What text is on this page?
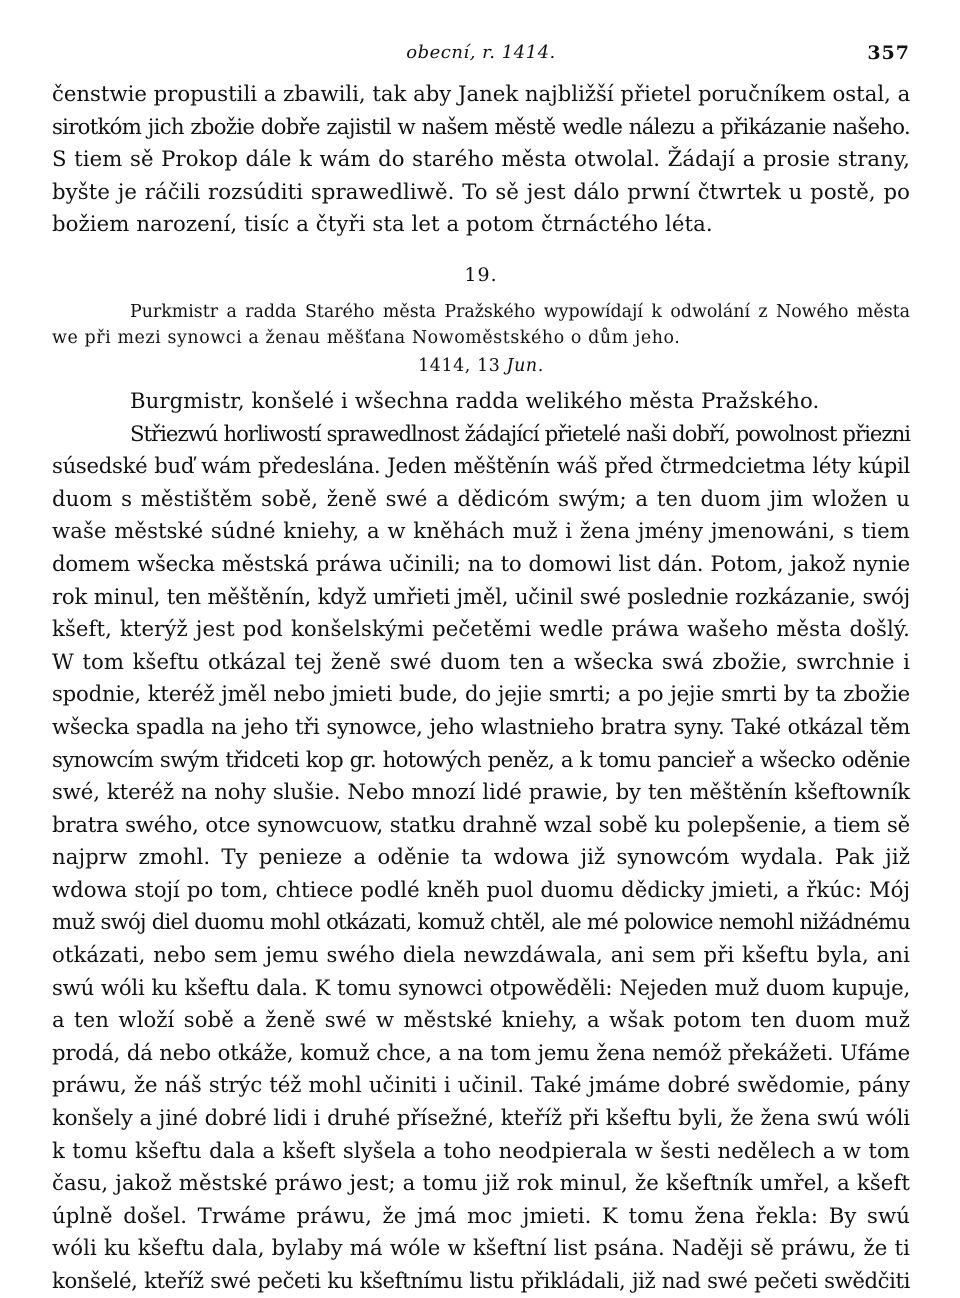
obecní, r. 1414.	357
čenstwie propustili a zbawili, tak aby Janek najbližší přietel poručníkem ostal, a
sirotkóm jich zbožie dobře zajistil w našem městě wedle nálezu a přikázanie našeho.
S tiem sě Prokop dále k wám do starého města otwolal. Žádají a prosie strany,
byšte je ráčili rozsúditi sprawedliwě. To sě jest dálo prwní čtwrtek u postě, po
božiem narození, tisíc a čtyři sta let a potom čtrnáctého léta.
19.
Purkmistr a radda Starého města Pražského wypowídají k odwolání z Nowého města
we při mezi synowci a ženau měšťana Nowoměstského o dům jeho.
1414, 13 Jun.
Burgmistr, konšelé i wšechna radda welikého města Pražského.
Střiezwú horliwostí sprawedlnost žádající přietelé naši dobří, powolnost přiezni
súsedské buď wám předeslána. Jeden měštěnín wáš před čtrmedcietma léty kúpil
duom s městištěm sobě, ženě swé a dědicóm swým; a ten duom jim wložen u
waše městské súdné kniehy, a w kněhách muž i žena jmény jmenowáni, s tiem
domem wšecka městská práwa učinili; na to domowi list dán. Potom, jakož nynie
rok minul, ten měštěnín, když umřieti jměl, učinil swé poslednie rozkázanie, swój
kšeft, kterýž jest pod konšelskými pečetěmi wedle práwa wašeho města došlý.
W tom kšeftu otkázal tej ženě swé duom ten a wšecka swá zbožie, swrchnie i
spodnie, kteréž jměl nebo jmieti bude, do jejie smrti; a po jejie smrti by ta zbožie
wšecka spadla na jeho tři synowce, jeho wlastnieho bratra syny. Také otkázal těm
synowcím swým třidceti kop gr. hotowých peněz, a k tomu pancieř a wšecko oděnie
swé, kteréž na nohy slušie. Nebo mnozí lidé prawie, by ten měštěnín kšeftowník
bratra swého, otce synowcuow, statku drahně wzal sobě ku polepšenie, a tiem sě
najprw zmohl. Ty penieze a oděnie ta wdowa již synowcóm wydala. Pak již
wdowa stojí po tom, chtiece podlé kněh puol duomu dědicky jmieti, a řkúc: Mój
muž swój diel duomu mohl otkázati, komuž chtěl, ale mé polowice nemohl nižádnému
otkázati, nebo sem jemu swého diela newzdáwala, ani sem při kšeftu byla, ani
swú wóli ku kšeftu dala. K tomu synowci otpowěděli: Nejeden muž duom kupuje,
a ten wloží sobě a ženě swé w městské kniehy, a wšak potom ten duom muž
prodá, dá nebo otkáže, komuž chce, a na tom jemu žena nemóž překážeti. Ufáme
práwu, že náš strýc též mohl učiniti i učinil. Také jmáme dobré swědomie, pány
konšely a jiné dobré lidi i druhé přísežné, kteříž při kšeftu byli, že žena swú wóli
k tomu kšeftu dala a kšeft slyšela a toho neodpierala w šesti nedělech a w tom
času, jakož městské práwo jest; a tomu již rok minul, že kšeftník umřel, a kšeft
úplně došel. Trwáme práwu, že jmá moc jmieti. K tomu žena řekla: By swú
wóli ku kšeftu dala, bylaby má wóle w kšeftní list psána. Naději sě práwu, že ti
konšelé, kteříž swé pečeti ku kšeftnímu listu přikládali, již nad swé pečeti swědčiti
